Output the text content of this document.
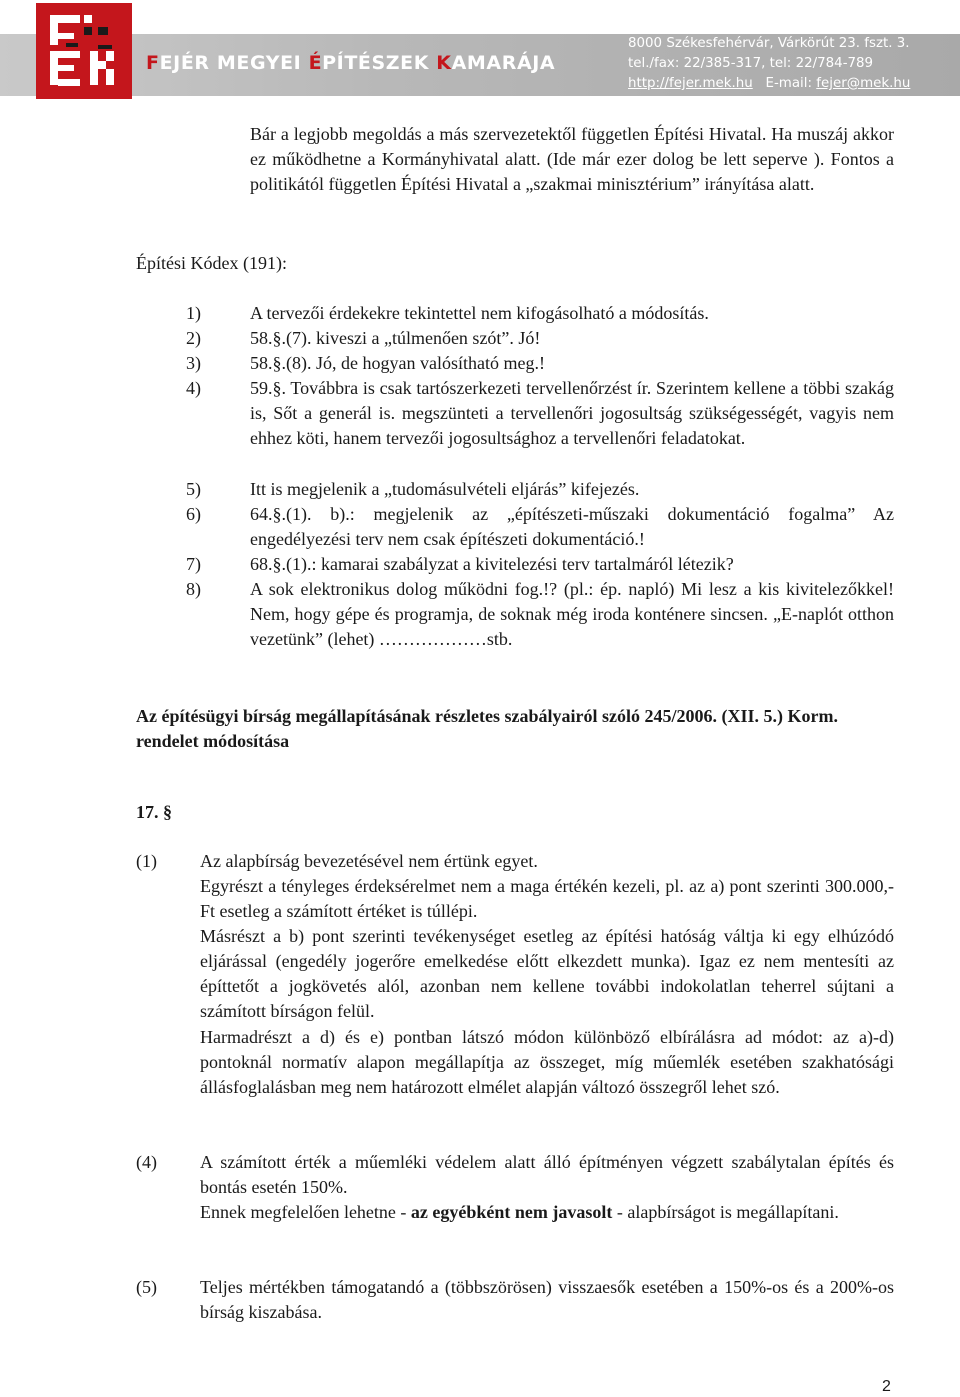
FEJÉR MEGYEI ÉPÍTÉSZEK KAMARÁJA
8000 Székesfehérvár, Várkörút 23. fszt. 3.
tel./fax: 22/385-317, tel: 22/784-789
http://fejer.mek.hu E-mail: fejer@mek.hu

Bár a legjobb megoldás a más szervezetektől független Építési Hivatal. Ha muszáj akkor ez működhetne a Kormányhivatal alatt. (Ide már ezer dolog be lett seperve ). Fontos a politikától független Építési Hivatal a „szakmai minisztérium” irányítása alatt.

Építési Kódex (191):
1)	A tervezői érdekekre tekintettel nem kifogásolható a módosítás.

2)	58.§.(7). kiveszi a „túlmenően szót”. Jó!

3)	58.§.(8). Jó, de hogyan valósítható meg.!

4)	59.§. Továbbra is csak tartószerkezeti tervellenőrzést ír. Szerintem kellene a többi szakág is, Sőt a generál is. megszünteti a tervellenőri jogosultság szükségességét, vagyis nem ehhez köti, hanem tervezői jogosultsághoz a tervellenőri feladatokat.

5)	Itt is megjelenik a „tudomásulvételi eljárás” kifejezés.

6)	64.§.(1). b).: megjelenik az „építészeti-műszaki dokumentáció fogalma” Az engedélyezési terv nem csak építészeti dokumentáció.!

7)	68.§.(1).: kamarai szabályzat a kivitelezési terv tartalmáról létezik?

8)	A sok elektronikus dolog működni fog.!? (pl.: ép. napló) Mi lesz a kis kivitelezőkkel! Nem, hogy gépe és programja, de soknak még iroda konténere sincsen. „E-naplót otthon vezetünk” (lehet) ………………stb.

Az építésügyi bírság megállapításának részletes szabályairól szóló 245/2006. (XII. 5.) Korm. rendelet módosítása

17. §
(1) Az alapbírság bevezetésével nem értünk egyet.

Egyrészt a tényleges érdeksérelmet nem a maga értékén kezeli, pl. az a) pont szerinti 300.000,- Ft esetleg a számított értéket is túllépi.

Másrészt a b) pont szerinti tevékenységet esetleg az építési hatóság váltja ki egy elhúzódó eljárással (engedély jogerőre emelkedése előtt elkezdett munka). Igaz ez nem mentesíti az építtetőt a jogkövetés alól, azonban nem kellene további indokolatlan teherrel sújtani a számított bírságon felül.

Harmadrészt a d) és e) pontban látszó módon különböző elbírálásra ad módot: az a)-d) pontoknál normatív alapon megállapítja az összeget, míg műemlék esetében szakhatósági állásfoglalásban meg nem határozott elmélet alapján változó összegről lehet szó.

(4) A számított érték a műemléki védelem alatt álló építményen végzett szabálytalan építés és bontás esetén 150%.

Ennek megfelelően lehetne - az egyébként nem javasolt - alapbírságot is megállapítani.

(5) Teljes mértékben támogatandó a (többszörösen) visszaesők esetében a 150%-os és a 200%-os bírság kiszabása.

2
